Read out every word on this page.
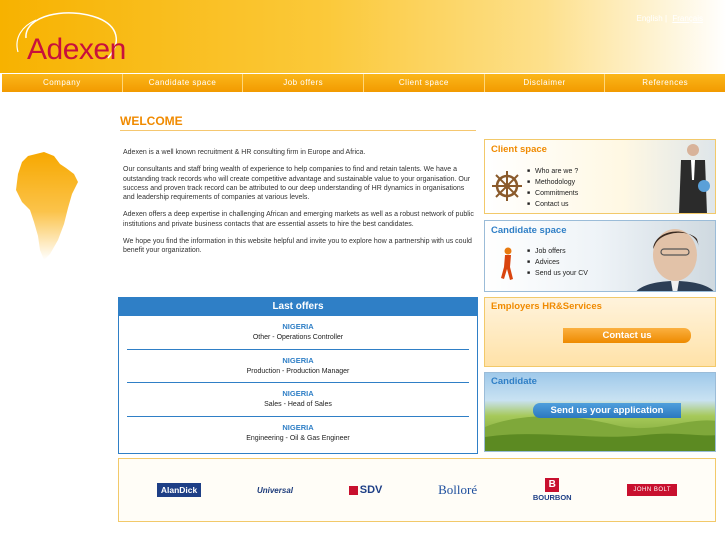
Adexen
English | Français
Company	Candidate space	Job offers	Client space	Disclaimer	References
WELCOME

Adexen is a well known recruitment & HR consulting firm in Europe and Africa.

Our consultants and staff bring wealth of experience to help companies to find and retain talents. We have a outstanding track records who will create competitive advantage and sustainable value to your organisation. Our success and proven track record can be attributed to our deep understanding of HR dynamics in organisations and leadership requirements of companies at various levels.

Adexen offers a deep expertise in challenging African and emerging markets as well as a robust network of public institutions and private business contacts that are essential assets to hire the best candidates.

We hope you find the information in this website helpful and invite you to explore how a partnership with us could benefit your organization.

Last offers
NIGERIA
Other - Operations Controller
NIGERIA
Production - Production Manager
NIGERIA
Sales - Head of Sales
NIGERIA
Engineering - Oil & Gas Engineer
Client space
■ Who are we ?
■ Methodology
■ Commitments
■ Contact us
Candidate space
■ Job offers
■ Advices
■ Send us your CV
Employers HR&Services
Contact us
Candidate
Send us your application
AlanDick	Universal	SDV	Bolloré	B
BOURBON
JOHN BOLT
